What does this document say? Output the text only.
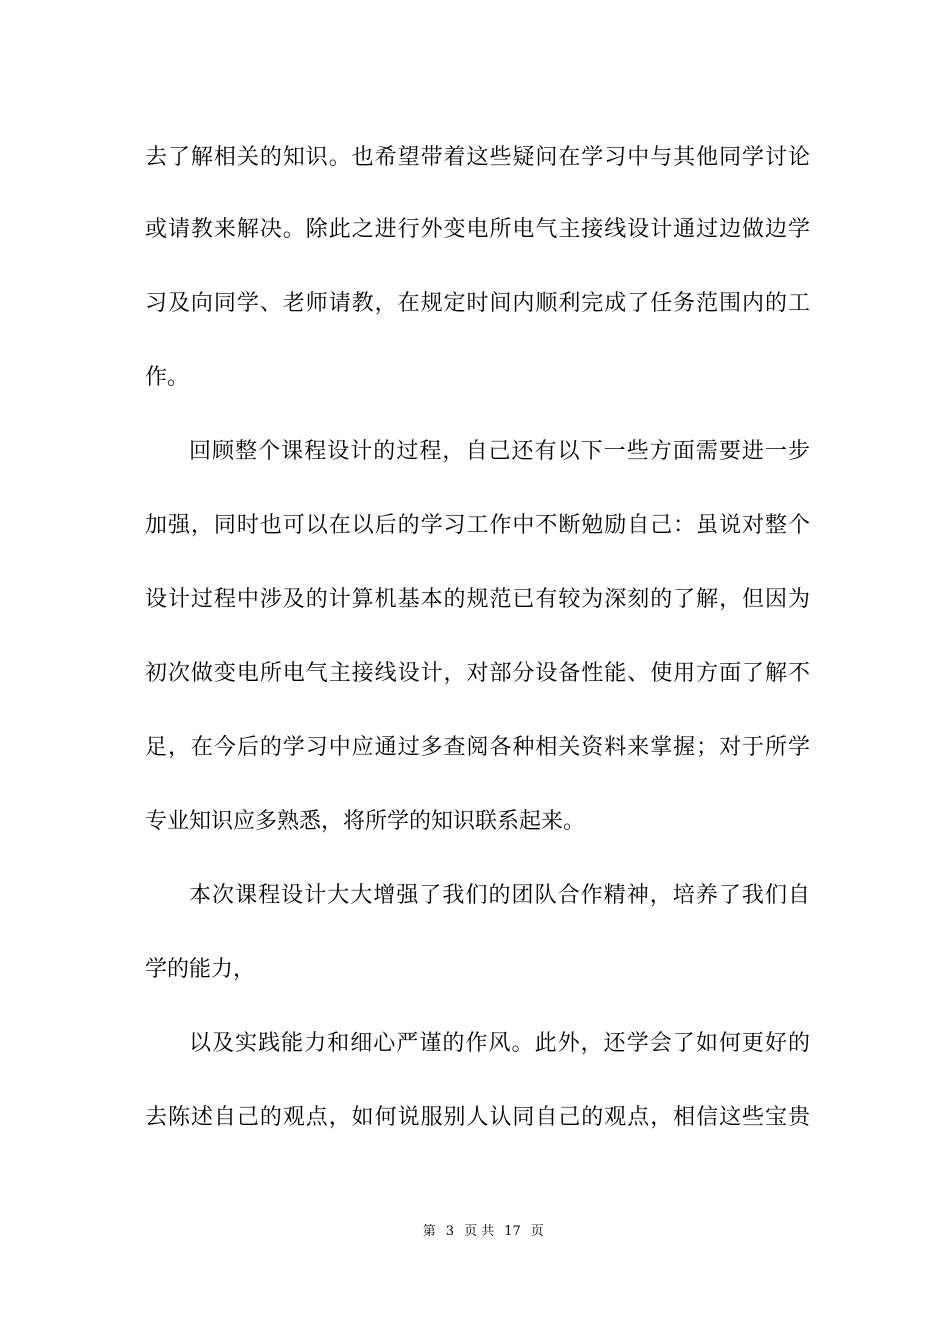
去了解相关的知识。也希望带着这些疑问在学习中与其他同学讨论
或请教来解决。除此之进行外变电所电气主接线设计通过边做边学
习及向同学、老师请教，在规定时间内顺利完成了任务范围内的工
作。
回顾整个课程设计的过程，自己还有以下一些方面需要进一步
加强，同时也可以在以后的学习工作中不断勉励自己：虽说对整个
设计过程中涉及的计算机基本的规范已有较为深刻的了解，但因为
初次做变电所电气主接线设计，对部分设备性能、使用方面了解不
足，在今后的学习中应通过多查阅各种相关资料来掌握；对于所学
专业知识应多熟悉，将所学的知识联系起来。
本次课程设计大大增强了我们的团队合作精神，培养了我们自
学的能力，
以及实践能力和细心严谨的作风。此外，还学会了如何更好的
去陈述自己的观点，如何说服别人认同自己的观点，相信这些宝贵

第 3 页 共 17 页
